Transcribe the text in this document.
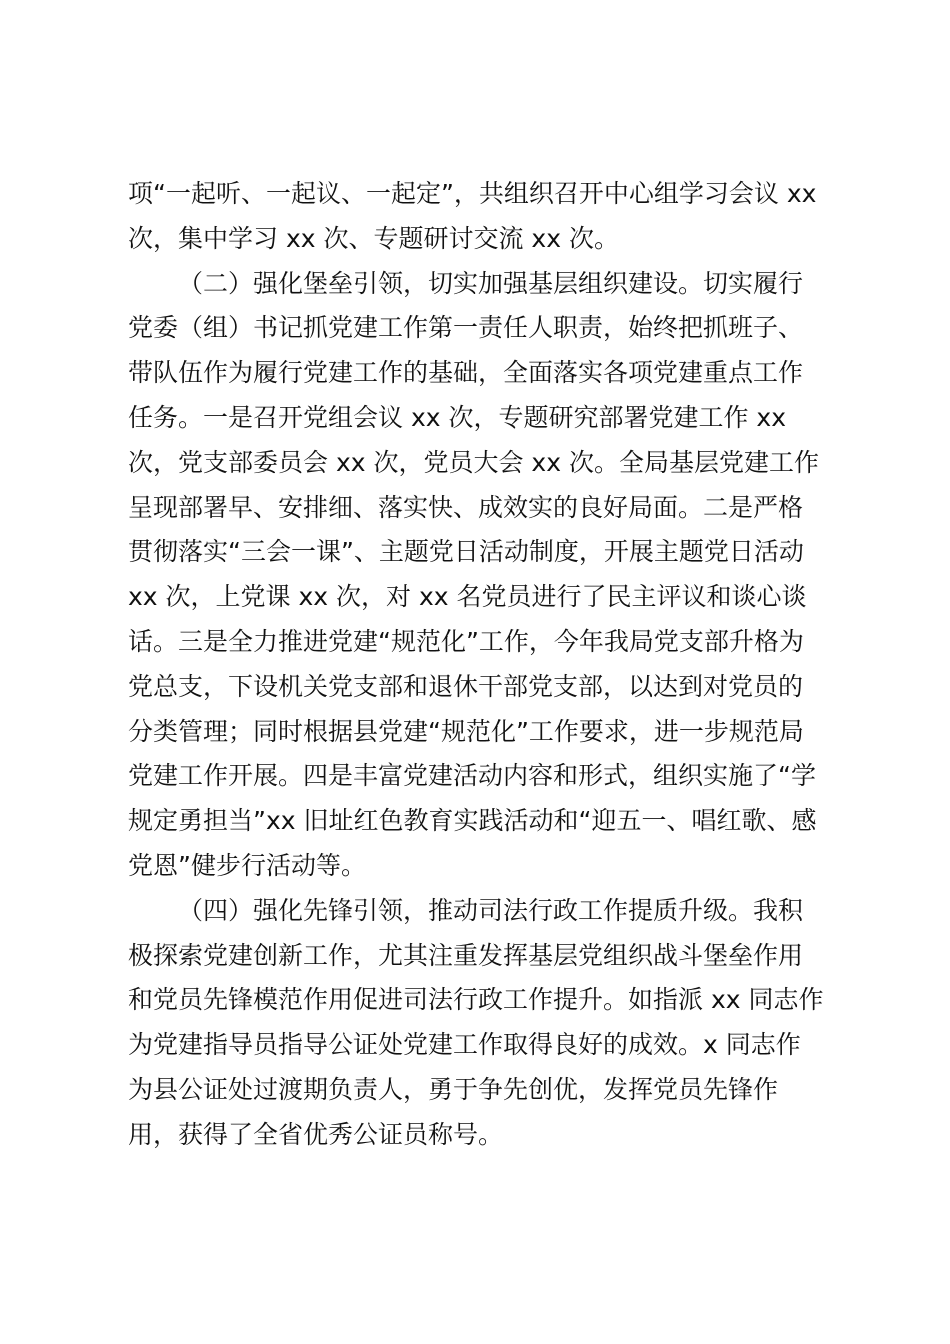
项“一起听、一起议、一起定”，共组织召开中心组学习会议 xx
次，集中学习 xx 次、专题研讨交流 xx 次。
（二）强化堡垒引领，切实加强基层组织建设。切实履行
党委（组）书记抓党建工作第一责任人职责，始终把抓班子、
带队伍作为履行党建工作的基础，全面落实各项党建重点工作
任务。一是召开党组会议 xx 次，专题研究部署党建工作 xx
次，党支部委员会 xx 次，党员大会 xx 次。全局基层党建工作
呈现部署早、安排细、落实快、成效实的良好局面。二是严格
贯彻落实“三会一课”、主题党日活动制度，开展主题党日活动
xx 次，上党课 xx 次，对 xx 名党员进行了民主评议和谈心谈
话。三是全力推进党建“规范化”工作，今年我局党支部升格为
党总支，下设机关党支部和退休干部党支部，以达到对党员的
分类管理；同时根据县党建“规范化”工作要求，进一步规范局
党建工作开展。四是丰富党建活动内容和形式，组织实施了“学
规定勇担当”xx 旧址红色教育实践活动和“迎五一、唱红歌、感
党恩”健步行活动等。
（四）强化先锋引领，推动司法行政工作提质升级。我积
极探索党建创新工作，尤其注重发挥基层党组织战斗堡垒作用
和党员先锋模范作用促进司法行政工作提升。如指派 xx 同志作
为党建指导员指导公证处党建工作取得良好的成效。x 同志作
为县公证处过渡期负责人，勇于争先创优，发挥党员先锋作
用，获得了全省优秀公证员称号。
